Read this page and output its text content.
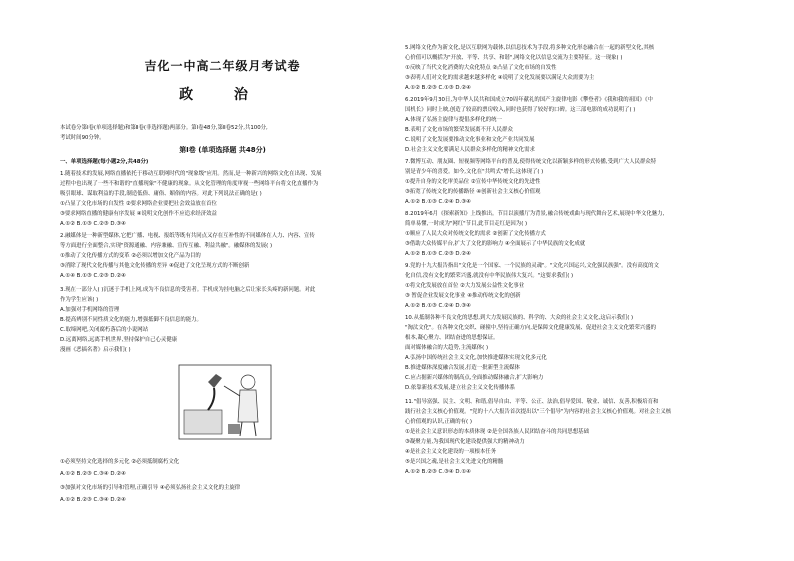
吉化一中高二年级月考试卷
政 治
本试卷分第Ⅰ卷(单项选择题)和第Ⅱ卷(非选择题)两部分。第Ⅰ卷48分,第Ⅱ卷52分,共100分,
考试时间90分钟。
第Ⅰ卷 (单项选择题 共48分)
一、单项选择题(每小题2分,共48分)
1.随着技术的发展,网络直播依托于移动互联网时代的"现象级"应用。然而,是一种新兴的网络文化在出现、发展
过程中也出现了一些不和谐的"直播现象"不健康的现象。从文化管理的角度审视一些网络平台将文化直播作为
吸引眼球、谋取利益的手段,制造低俗、庸俗、媚俗的内容。对此下列说法正确的是( )
①凸显了文化市场的自发性 ②要求网络企业要把社会效益放在首位
③要求网络直播的健康有序发展 ④说明文化创作不应追求经济效益
A.①② B.①③ C.②③ D.③④
2.融媒体是一种新型媒体,它把广播、电视、报纸等既有共同点又存在互补性的不同媒体在人力、内容、宣传
等方面进行全面整合,实现"资源通融、内容兼融、宣传互融、利益共融"。融媒体的发展( )
①推动了文化传播方式的变革 ②必须以增加文化产品为目的
③消除了现代文化传播与其他文化传播的差异 ④促进了文化呈现方式的不断创新
A.①④ B.①③ C.②③ D.②④
3.现在一部分人( )沉迷于手机上网,成为不良信息的受害者。手机成为挂电脑之后让家长头疼的新问题。对此
作为学生应该( )
A.加强对手机网络的管理
B.提高辨别不同性质文化的能力,增强抵御不良信息的能力。
C.取缔网吧,关闭腐朽落后的小说网站
D.远离网络,远离手机世界,坚持保护自己心灵健康
漫画《恶搞名著》启示我们( )
①必须坚持文化选择的多元化 ②必须抵制腐朽文化
A.①② B.②③ C.③④ D.②④
③加强对文化市场的引导和管理,正确引导 ④必须弘扬社会主义文化的主旋律
A.①② B.②③ C.③④ D.②④
5.网络文化作为新文化,是以互联网为载体,以信息技术为手段,将多种文化形态融合在一起的新型文化,其核
心价值可以概括为"开放、平等、共享、和谐",网络文化以信息交流为主要特征。这一现象( )
①反映了当代文化消费的大众化特点 ②凸显了文化市场的自发性
③表明人们对文化的需求越来越多样化 ④说明了文化发展要以满足大众需要为主
A.①② B.②③ C.①③ D.②④
6.2019年9月30日,为中华人民共和国成立70周年献礼的国产主旋律电影《攀登者》《我和我的祖国》《中
国机长》同时上映,创造了较高的票房收入,同时也获得了较好的口碑。这三部电影的成功说明了( )
A.体现了弘扬主旋律与提倡多样化的统一
B.表明了文化市场的繁荣发展离不开人民群众
C.说明了文化发展要推动文化事业和文化产业共同发展
D.社会主义文化要满足人民群众多样化的精神文化需求
7.微博互动、朋友圈、短视频等网络平台的普及,使得传统文化以新颖多样的形式传播,受到广大人民群众特
别是青少年的喜爱。如今,文化在"共鸣式"增长,这体现了( )
①提升自身的文化审美品位 ②宣传中华传统文化的先进性
③拓宽了传统文化的传播路径 ④创新社会主义核心价值观
A.①② B.①③ C.②④ D.③④
8.2019年6月《探索新知》上线推出。节目以演播厅为背景,融合传统戏曲与现代舞台艺术,展现中华文化魅力,
简单易懂,一时成为"网红"节目,此节目走红是因为( )
①顺应了人民大众对传统文化的需求 ②创新了文化传播方式
③借助大众传媒平台,扩大了文化的影响力 ④全面展示了中华民族的文化成就
A.①② B.①③ C.②③ D.②④
9.党的十九大报告指出"文化是一个国家、一个民族的灵魂"。"文化兴国运兴,文化强民族强"。没有高度的文
化自信,没有文化的繁荣兴盛,就没有中华民族伟大复兴。"这要求我们( )
①将文化发展放在首位 ②大力发展公益性文化事业
③ 暂促企业发展文化事业 ④推动传统文化的创新
A.①② B.①③ C.②④ D.③④
10.从抵制各种不良文化的思想,到大力发展民族的、科学的、大众的社会主义文化,这启示我们( )
"淘汰文化"。在各种文化交织、碰撞中,坚持正确方向,是保障文化健康发展、促进社会主义文化繁荣兴盛的
根本,凝心聚力、团结奋进的思想保证。
面对媒体融合的大趋势,主流媒体( )
A.弘扬中国传统社会主义文化,加快推进媒体实现文化多元化
B.推进媒体深度融合发展,打造一批新型主流媒体
C.应占据新兴媒体的制高点,全面推动媒体融合,扩大影响力
D.依靠新技术发展,建立社会主义文化传播体系
11."倡导富强、民主、文明、和谐,倡导自由、平等、公正、法治,倡导爱国、敬业、诚信、友善,积极培育和
践行社会主义核心价值观。"党的十八大报告首次提出以"三个倡导"为内容的社会主义核心价值观。对社会主义核
心价值观的认识,正确的有( )
①是社会主义意识形态的本质体现 ②是全国各族人民团结奋斗的共同思想基础
③凝聚力量,为我国现代化建设提供强大的精神动力
④是社会主义文化建设的一项根本任务
⑤是兴国之魂,是社会主义先进文化的精髓
A.①② B.②③ C.③④ D.①④
